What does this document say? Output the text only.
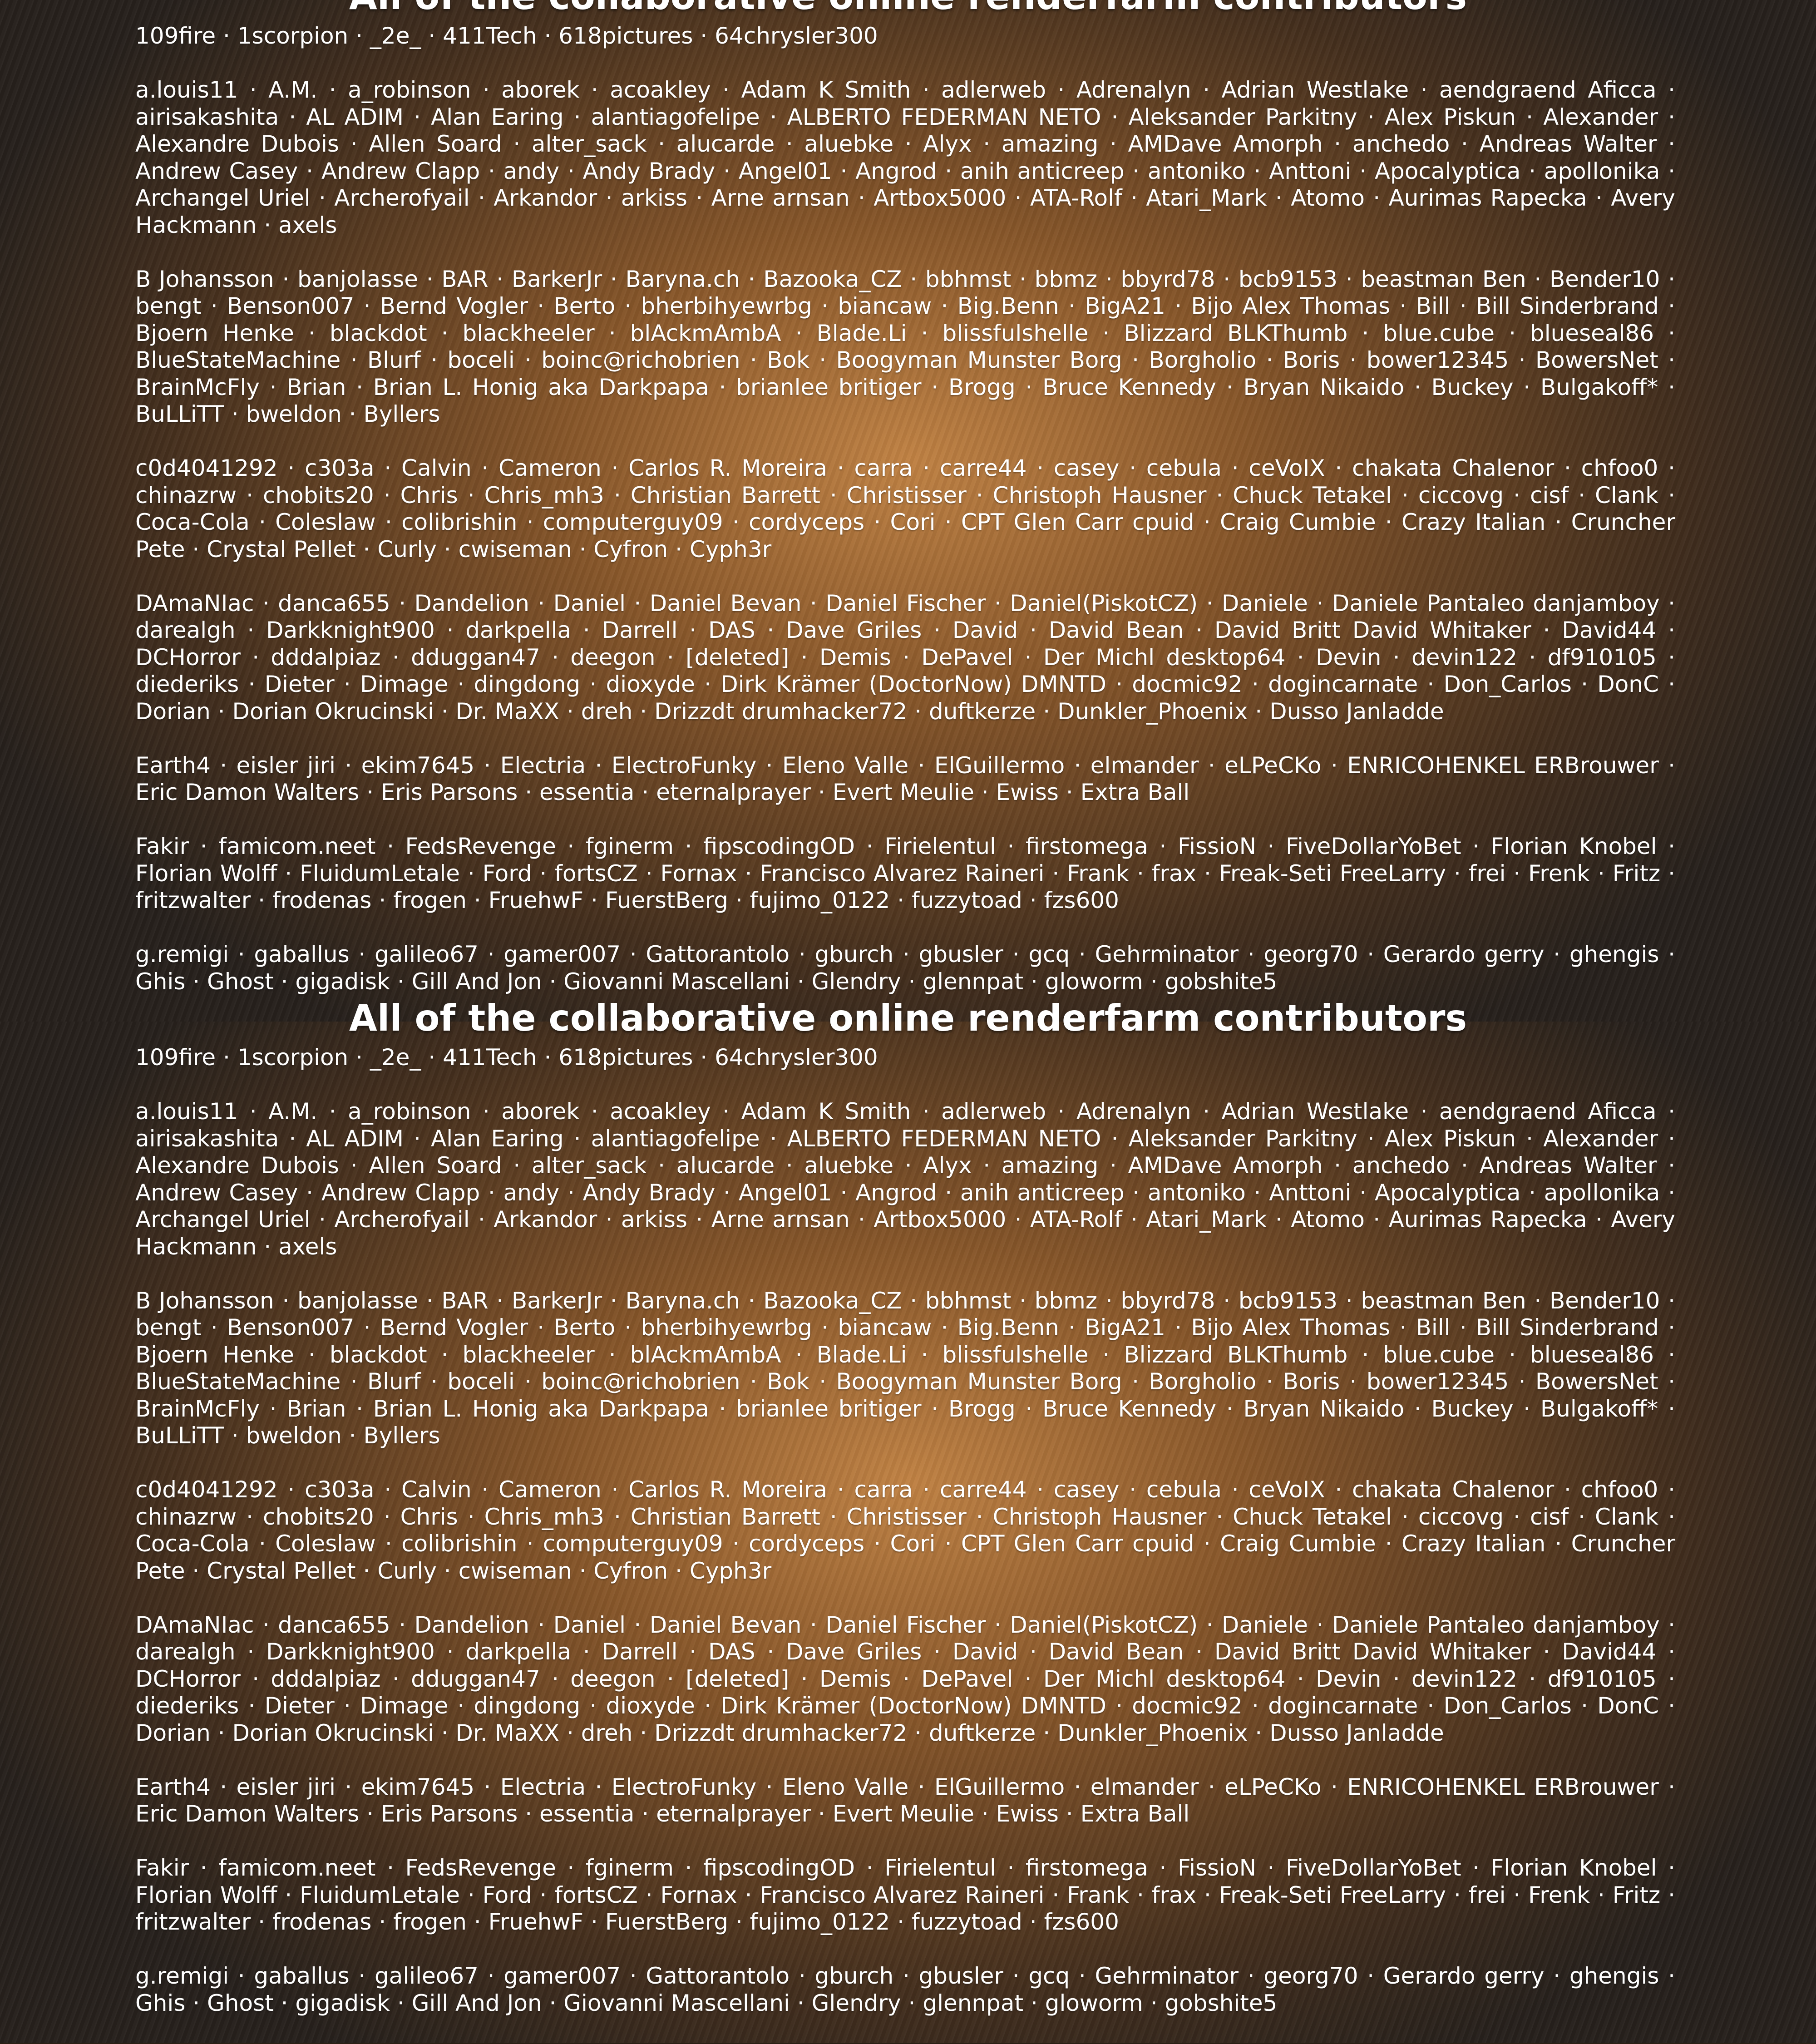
109fire · 1scorpion · _2e_ · 411Tech · 618pictures · 64chrysler300

a.louis11 · A.M. · a_robinson · aborek · acoakley · Adam K Smith · adlerweb · Adrenalyn · Adrian Westlake · aendgraend Aficca · airisakashita · AL ADIM · Alan Earing · alantiagofelipe · ALBERTO FEDERMAN NETO · Aleksander Parkitny · Alex Piskun · Alexander · Alexandre Dubois · Allen Soard · alter_sack · alucarde · aluebke · Alyx · amazing · AMDave Amorph · anchedo · Andreas Walter · Andrew Casey · Andrew Clapp · andy · Andy Brady · Angel01 · Angrod · anih anticreep · antoniko · Anttoni · Apocalyptica · apollonika · Archangel Uriel · Archerofyail · Arkandor · arkiss · Arne arnsan · Artbox5000 · ATA-Rolf · Atari_Mark · Atomo · Aurimas Rapecka · Avery Hackmann · axels

B Johansson · banjolasse · BAR · BarkerJr · Baryna.ch · Bazooka_CZ · bbhmst · bbmz · bbyrd78 · bcb9153 · beastman Ben · Bender10 · bengt · Benson007 · Bernd Vogler · Berto · bherbihyewrbg · biancaw · Big.Benn · BigA21 · Bijo Alex Thomas · Bill · Bill Sinderbrand · Bjoern Henke · blackdot · blackheeler · blAckmAmbA · Blade.Li · blissfulshelle · Blizzard BLKThumb · blue.cube · blueseal86 · BlueStateMachine · Blurf · boceli · boinc@richobrien · Bok · Boogyman Munster Borg · Borgholio · Boris · bower12345 · BowersNet · BrainMcFly · Brian · Brian L. Honig aka Darkpapa · brianlee britiger · Brogg · Bruce Kennedy · Bryan Nikaido · Buckey · Bulgakoff* · BuLLiTT · bweldon · Byllers

c0d4041292 · c303a · Calvin · Cameron · Carlos R. Moreira · carra · carre44 · casey · cebula · ceVoIX · chakata Chalenor · chfoo0 · chinazrw · chobits20 · Chris · Chris_mh3 · Christian Barrett · Christisser · Christoph Hausner · Chuck Tetakel · ciccovg · cisf · Clank · Coca-Cola · Coleslaw · colibrishin · computerguy09 · cordyceps · Cori · CPT Glen Carr cpuid · Craig Cumbie · Crazy Italian · Cruncher Pete · Crystal Pellet · Curly · cwiseman · Cyfron · Cyph3r

DAmaNIac · danca655 · Dandelion · Daniel · Daniel Bevan · Daniel Fischer · Daniel(PiskotCZ) · Daniele · Daniele Pantaleo danjamboy · darealgh · Darkknight900 · darkpella · Darrell · DAS · Dave Griles · David · David Bean · David Britt David Whitaker · David44 · DCHorror · dddalpiaz · dduggan47 · deegon · [deleted] · Demis · DePavel · Der Michl desktop64 · Devin · devin122 · df910105 · diederiks · Dieter · Dimage · dingdong · dioxyde · Dirk Krämer (DoctorNow) DMNTD · docmic92 · dogincarnate · Don_Carlos · DonC · Dorian · Dorian Okrucinski · Dr. MaXX · dreh · Drizzdt drumhacker72 · duftkerze · Dunkler_Phoenix · Dusso Janladde

Earth4 · eisler jiri · ekim7645 · Electria · ElectroFunky · Eleno Valle · ElGuillermo · elmander · eLPeCKo · ENRICOHENKEL ERBrouwer · Eric Damon Walters · Eris Parsons · essentia · eternalprayer · Evert Meulie · Ewiss · Extra Ball

Fakir · famicom.neet · FedsRevenge · fginerm · fipscodingOD · Firielentul · firstomega · FissioN · FiveDollarYoBet · Florian Knobel · Florian Wolff · FluidumLetale · Ford · fortsCZ · Fornax · Francisco Alvarez Raineri · Frank · frax · Freak-Seti FreeLarry · frei · Frenk · Fritz · fritzwalter · frodenas · frogen · FruehwF · FuerstBerg · fujimo_0122 · fuzzytoad · fzs600

g.remigi · gaballus · galileo67 · gamer007 · Gattorantolo · gburch · gbusler · gcq · Gehrminator · georg70 · Gerardo gerry · ghengis · Ghis · Ghost · gigadisk · Gill And Jon · Giovanni Mascellani · Glendry · glennpat · gloworm · gobshite5

All of the collaborative online renderfarm contributors

109fire · 1scorpion · _2e_ · 411Tech · 618pictures · 64chrysler300

a.louis11 · A.M. · a_robinson · aborek · acoakley · Adam K Smith · adlerweb · Adrenalyn · Adrian Westlake · aendgraend Aficca · airisakashita · AL ADIM · Alan Earing · alantiagofelipe · ALBERTO FEDERMAN NETO · Aleksander Parkitny · Alex Piskun · Alexander · Alexandre Dubois · Allen Soard · alter_sack · alucarde · aluebke · Alyx · amazing · AMDave Amorph · anchedo · Andreas Walter · Andrew Casey · Andrew Clapp · andy · Andy Brady · Angel01 · Angrod · anih anticreep · antoniko · Anttoni · Apocalyptica · apollonika · Archangel Uriel · Archerofyail · Arkandor · arkiss · Arne arnsan · Artbox5000 · ATA-Rolf · Atari_Mark · Atomo · Aurimas Rapecka · Avery Hackmann · axels

B Johansson · banjolasse · BAR · BarkerJr · Baryna.ch · Bazooka_CZ · bbhmst · bbmz · bbyrd78 · bcb9153 · beastman Ben · Bender10 · bengt · Benson007 · Bernd Vogler · Berto · bherbihyewrbg · biancaw · Big.Benn · BigA21 · Bijo Alex Thomas · Bill · Bill Sinderbrand · Bjoern Henke · blackdot · blackheeler · blAckmAmbA · Blade.Li · blissfulshelle · Blizzard BLKThumb · blue.cube · blueseal86 · BlueStateMachine · Blurf · boceli · boinc@richobrien · Bok · Boogyman Munster Borg · Borgholio · Boris · bower12345 · BowersNet · BrainMcFly · Brian · Brian L. Honig aka Darkpapa · brianlee britiger · Brogg · Bruce Kennedy · Bryan Nikaido · Buckey · Bulgakoff* · BuLLiTT · bweldon · Byllers

c0d4041292 · c303a · Calvin · Cameron · Carlos R. Moreira · carra · carre44 · casey · cebula · ceVoIX · chakata Chalenor · chfoo0 · chinazrw · chobits20 · Chris · Chris_mh3 · Christian Barrett · Christisser · Christoph Hausner · Chuck Tetakel · ciccovg · cisf · Clank · Coca-Cola · Coleslaw · colibrishin · computerguy09 · cordyceps · Cori · CPT Glen Carr cpuid · Craig Cumbie · Crazy Italian · Cruncher Pete · Crystal Pellet · Curly · cwiseman · Cyfron · Cyph3r

DAmaNIac · danca655 · Dandelion · Daniel · Daniel Bevan · Daniel Fischer · Daniel(PiskotCZ) · Daniele · Daniele Pantaleo danjamboy · darealgh · Darkknight900 · darkpella · Darrell · DAS · Dave Griles · David · David Bean · David Britt David Whitaker · David44 · DCHorror · dddalpiaz · dduggan47 · deegon · [deleted] · Demis · DePavel · Der Michl desktop64 · Devin · devin122 · df910105 · diederiks · Dieter · Dimage · dingdong · dioxyde · Dirk Krämer (DoctorNow) DMNTD · docmic92 · dogincarnate · Don_Carlos · DonC · Dorian · Dorian Okrucinski · Dr. MaXX · dreh · Drizzdt drumhacker72 · duftkerze · Dunkler_Phoenix · Dusso Janladde

Earth4 · eisler jiri · ekim7645 · Electria · ElectroFunky · Eleno Valle · ElGuillermo · elmander · eLPeCKo · ENRICOHENKEL ERBrouwer · Eric Damon Walters · Eris Parsons · essentia · eternalprayer · Evert Meulie · Ewiss · Extra Ball

Fakir · famicom.neet · FedsRevenge · fginerm · fipscodingOD · Firielentul · firstomega · FissioN · FiveDollarYoBet · Florian Knobel · Florian Wolff · FluidumLetale · Ford · fortsCZ · Fornax · Francisco Alvarez Raineri · Frank · frax · Freak-Seti FreeLarry · frei · Frenk · Fritz · fritzwalter · frodenas · frogen · FruehwF · FuerstBerg · fujimo_0122 · fuzzytoad · fzs600

g.remigi · gaballus · galileo67 · gamer007 · Gattorantolo · gburch · gbusler · gcq · Gehrminator · georg70 · Gerardo gerry · ghengis · Ghis · Ghost · gigadisk · Gill And Jon · Giovanni Mascellani · Glendry · glennpat · gloworm · gobshite5
